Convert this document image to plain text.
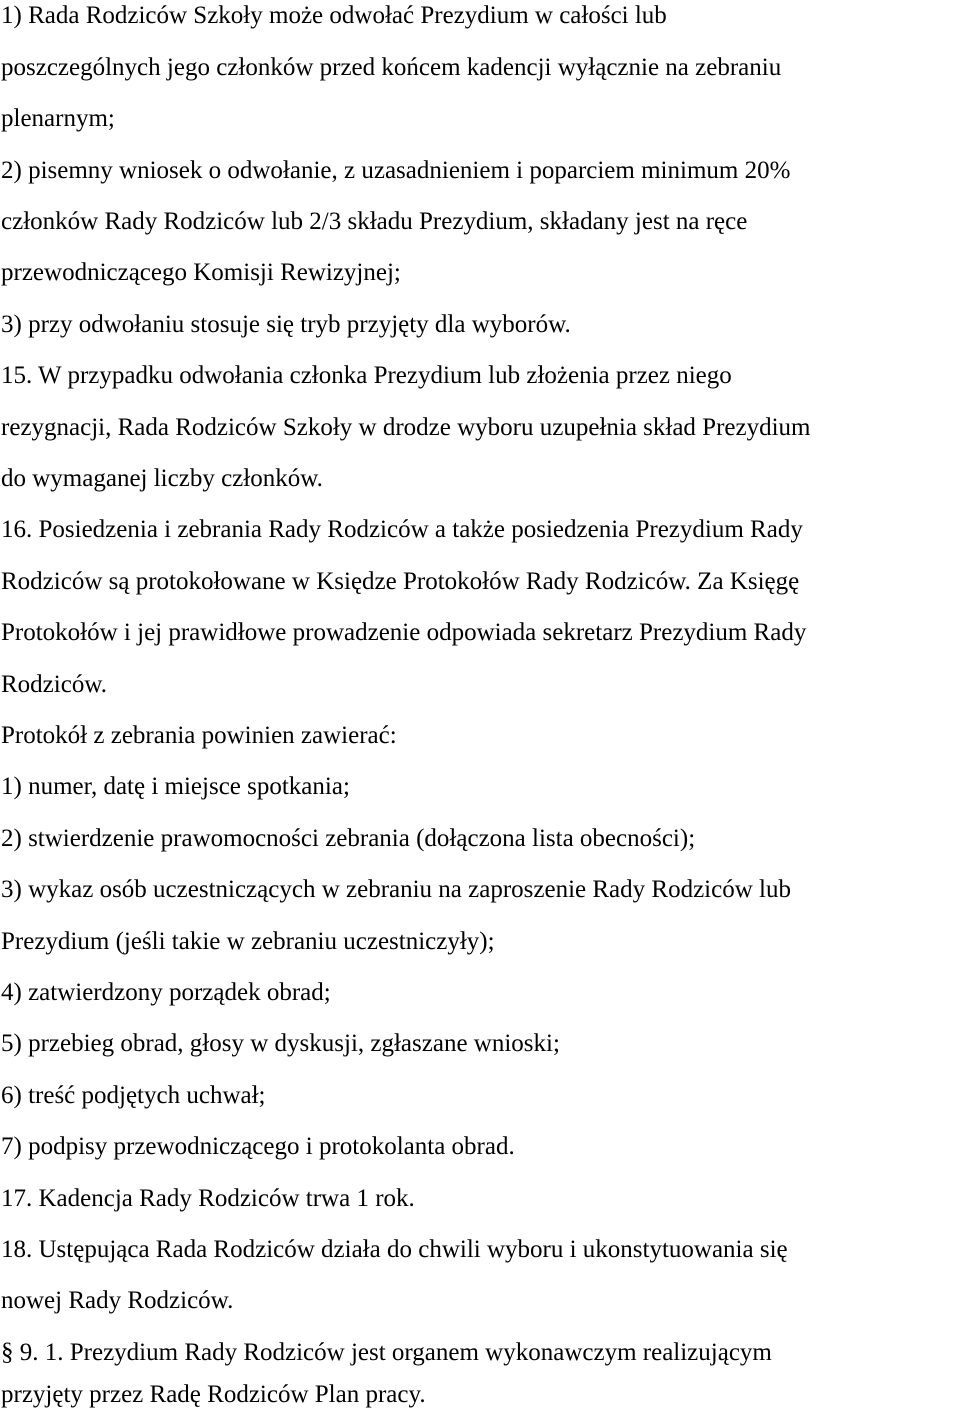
1) Rada Rodziców Szkoły może odwołać Prezydium w całości lub
poszczególnych jego członków przed końcem kadencji wyłącznie na zebraniu
plenarnym;
2) pisemny wniosek o odwołanie, z uzasadnieniem i poparciem minimum 20%
członków Rady Rodziców lub 2/3 składu Prezydium, składany jest na ręce
przewodniczącego Komisji Rewizyjnej;
3) przy odwołaniu stosuje się tryb przyjęty dla wyborów.
15. W przypadku odwołania członka Prezydium lub złożenia przez niego
rezygnacji, Rada Rodziców Szkoły w drodze wyboru uzupełnia skład Prezydium
do wymaganej liczby członków.
16. Posiedzenia i zebrania Rady Rodziców a także posiedzenia Prezydium Rady
Rodziców są protokołowane w Księdze Protokołów Rady Rodziców. Za Księgę
Protokołów i jej prawidłowe prowadzenie odpowiada sekretarz Prezydium Rady
Rodziców.
Protokół z zebrania powinien zawierać:
1) numer, datę i miejsce spotkania;
2) stwierdzenie prawomocności zebrania (dołączona lista obecności);
3) wykaz osób uczestniczących w zebraniu na zaproszenie Rady Rodziców lub
Prezydium (jeśli takie w zebraniu uczestniczyły);
4) zatwierdzony porządek obrad;
5) przebieg obrad, głosy w dyskusji, zgłaszane wnioski;
6) treść podjętych uchwał;
7) podpisy przewodniczącego i protokolanta obrad.
17. Kadencja Rady Rodziców trwa 1 rok.
18. Ustępująca Rada Rodziców działa do chwili wyboru i ukonstytuowania się
nowej Rady Rodziców.
§ 9. 1. Prezydium Rady Rodziców jest organem wykonawczym realizującym
przyjęty przez Radę Rodziców Plan pracy.
